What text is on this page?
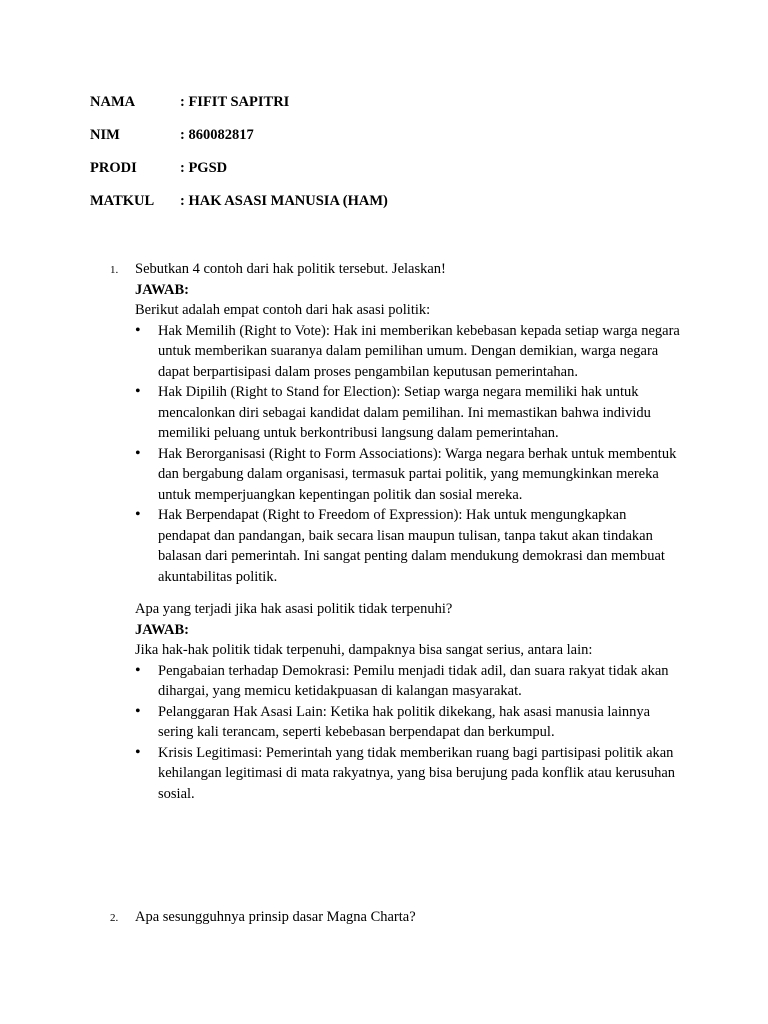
NAMA	: FIFIT SAPITRI
NIM	: 860082817
PRODI	: PGSD
MATKUL : HAK ASASI MANUSIA (HAM)
1. Sebutkan 4 contoh dari hak politik tersebut. Jelaskan!

JAWAB:

Berikut adalah empat contoh dari hak asasi politik:

• Hak Memilih (Right to Vote): Hak ini memberikan kebebasan kepada setiap warga negara untuk memberikan suaranya dalam pemilihan umum. Dengan demikian, warga negara dapat berpartisipasi dalam proses pengambilan keputusan pemerintahan.
• Hak Dipilih (Right to Stand for Election): Setiap warga negara memiliki hak untuk mencalonkan diri sebagai kandidat dalam pemilihan. Ini memastikan bahwa individu memiliki peluang untuk berkontribusi langsung dalam pemerintahan.
• Hak Berorganisasi (Right to Form Associations): Warga negara berhak untuk membentuk dan bergabung dalam organisasi, termasuk partai politik, yang memungkinkan mereka untuk memperjuangkan kepentingan politik dan sosial mereka.
• Hak Berpendapat (Right to Freedom of Expression): Hak untuk mengungkapkan pendapat dan pandangan, baik secara lisan maupun tulisan, tanpa takut akan tindakan balasan dari pemerintah. Ini sangat penting dalam mendukung demokrasi dan membuat akuntabilitas politik.

Apa yang terjadi jika hak asasi politik tidak terpenuhi?

JAWAB:

Jika hak-hak politik tidak terpenuhi, dampaknya bisa sangat serius, antara lain:

• Pengabaian terhadap Demokrasi: Pemilu menjadi tidak adil, dan suara rakyat tidak akan dihargai, yang memicu ketidakpuasan di kalangan masyarakat.
• Pelanggaran Hak Asasi Lain: Ketika hak politik dikekang, hak asasi manusia lainnya sering kali terancam, seperti kebebasan berpendapat dan berkumpul.
• Krisis Legitimasi: Pemerintah yang tidak memberikan ruang bagi partisipasi politik akan kehilangan legitimasi di mata rakyatnya, yang bisa berujung pada konflik atau kerusuhan sosial.
2. Apa sesungguhnya prinsip dasar Magna Charta?
